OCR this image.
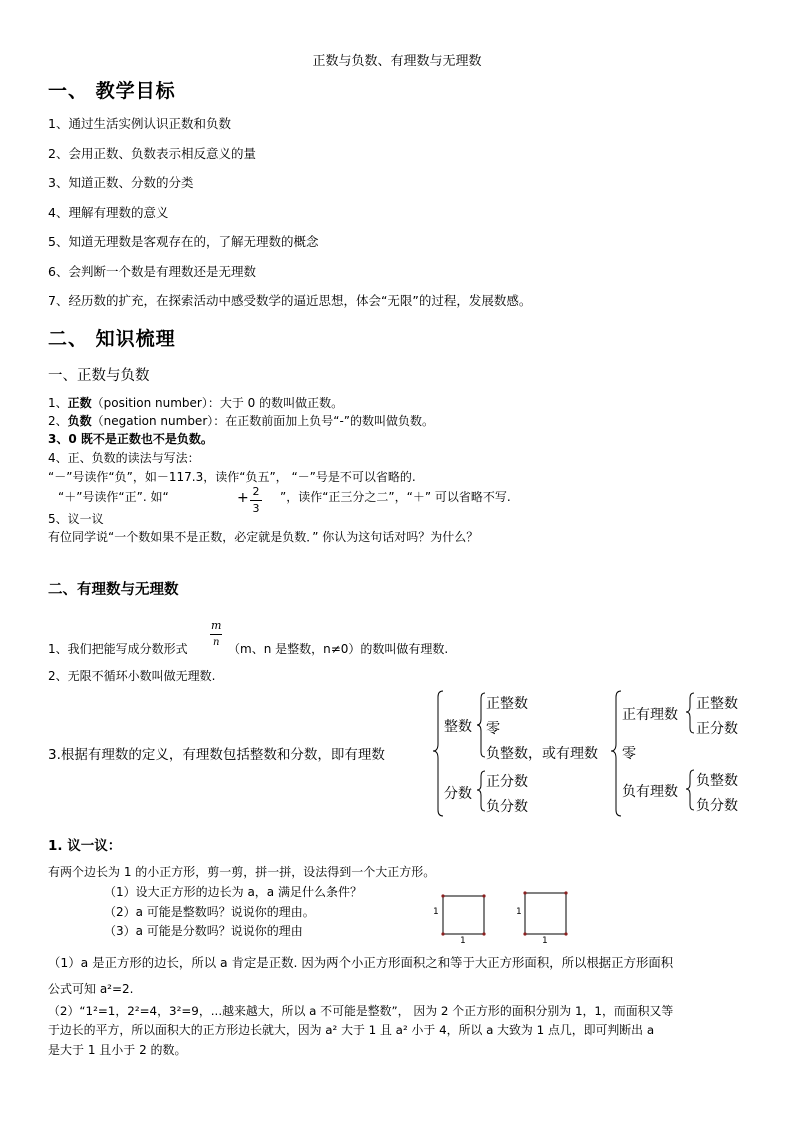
正数与负数、有理数与无理数
一、 教学目标
1、通过生活实例认识正数和负数
2、会用正数、负数表示相反意义的量
3、知道正数、分数的分类
4、理解有理数的意义
5、知道无理数是客观存在的，了解无理数的概念
6、会判断一个数是有理数还是无理数
7、经历数的扩充，在探索活动中感受数学的逼近思想，体会“无限”的过程，发展数感。
二、 知识梳理
一、正数与负数
1、正数（position number）：大于 0 的数叫做正数。
2、负数（negation number）：在正数前面加上负号“-”的数叫做负数。
3、0 既不是正数也不是负数。
4、正、负数的读法与写法：
“－”号读作“负”，如－117.3，读作“负五”， “－”号是不可以省略的.
“＋”号读作“正”. 如“	+ 2
3
”，读作“正三分之二”，“＋” 可以省略不写.
5、议一议
有位同学说“一个数如果不是正数，必定就是负数．” 你认为这句话对吗？为什么？
二、有理数与无理数
m
n
1、我们把能写成分数形式	（m、n 是整数，n≠0）的数叫做有理数.
2、无限不循环小数叫做无理数.
3.根据有理数的定义，有理数包括整数和分数，即有理数
整数
正整数
零
负整数，或有理数
分数
正分数
负分数
正有理数
零
负有理数
正整数
正分数
负整数
负分数
1
1
1
1
1. 议一议：
有两个边长为 1 的小正方形，剪一剪，拼一拼，设法得到一个大正方形。
（1）设大正方形的边长为 a，a 满足什么条件？
（2）a 可能是整数吗？说说你的理由。
（3）a 可能是分数吗？说说你的理由
（1）a 是正方形的边长，所以 a 肯定是正数. 因为两个小正方形面积之和等于大正方形面积，所以根据正方形面积
公式可知 a²=2.
（2）“1²=1，2²=4，3²=9，...越来越大，所以 a 不可能是整数”， 因为 2 个正方形的面积分别为 1，1，而面积又等
于边长的平方，所以面积大的正方形边长就大，因为 a² 大于 1 且 a² 小于 4，所以 a 大致为 1 点几，即可判断出 a
是大于 1 且小于 2 的数。
